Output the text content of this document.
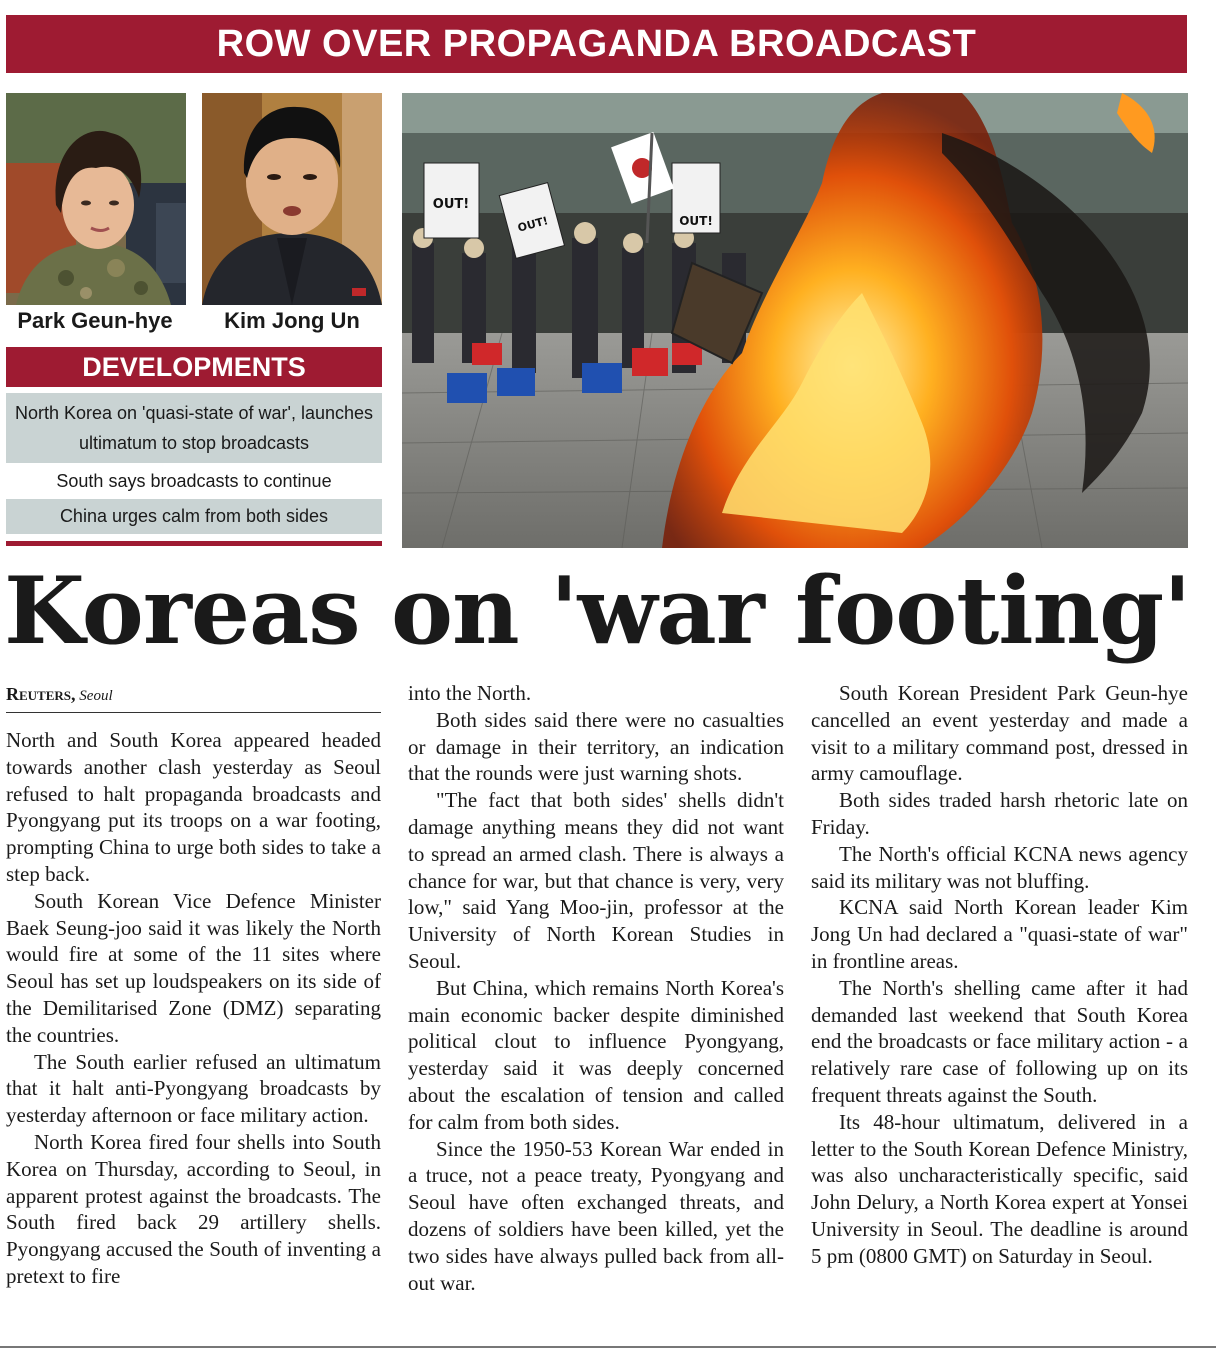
ROW OVER PROPAGANDA BROADCAST
Park Geun-hye	Kim Jong Un
OUT!
OUT!	OUT!
DEVELOPMENTS
North Korea on 'quasi-state of war', launches ultimatum to stop broadcasts
South says broadcasts to continue
China urges calm from both sides
Koreas on 'war footing'
Reuters, Seoul

North and South Korea appeared headed towards another clash yesterday as Seoul refused to halt propaganda broadcasts and Pyongyang put its troops on a war footing, prompting China to urge both sides to take a step back.

South Korean Vice Defence Minister Baek Seung-joo said it was likely the North would fire at some of the 11 sites where Seoul has set up loudspeakers on its side of the Demilitarised Zone (DMZ) separating the countries.

The South earlier refused an ultimatum that it halt anti-Pyongyang broadcasts by yesterday afternoon or face military action.

North Korea fired four shells into South Korea on Thursday, according to Seoul, in apparent protest against the broadcasts. The South fired back 29 artillery shells. Pyongyang accused the South of inventing a pretext to fire

into the North.

Both sides said there were no casualties or damage in their territory, an indication that the rounds were just warning shots.

"The fact that both sides' shells didn't damage anything means they did not want to spread an armed clash. There is always a chance for war, but that chance is very, very low," said Yang Moo-jin, professor at the University of North Korean Studies in Seoul.

But China, which remains North Korea's main economic backer despite diminished political clout to influence Pyongyang, yesterday said it was deeply concerned about the escalation of tension and called for calm from both sides.

Since the 1950-53 Korean War ended in a truce, not a peace treaty, Pyongyang and Seoul have often exchanged threats, and dozens of soldiers have been killed, yet the two sides have always pulled back from all-out war.

South Korean President Park Geun-hye cancelled an event yesterday and made a visit to a military command post, dressed in army camouflage.

Both sides traded harsh rhetoric late on Friday.

The North's official KCNA news agency said its military was not bluffing.

KCNA said North Korean leader Kim Jong Un had declared a "quasi-state of war" in frontline areas.

The North's shelling came after it had demanded last weekend that South Korea end the broadcasts or face military action - a relatively rare case of following up on its frequent threats against the South.

Its 48-hour ultimatum, delivered in a letter to the South Korean Defence Ministry, was also uncharacteristically specific, said John Delury, a North Korea expert at Yonsei University in Seoul. The deadline is around 5 pm (0800 GMT) on Saturday in Seoul.
